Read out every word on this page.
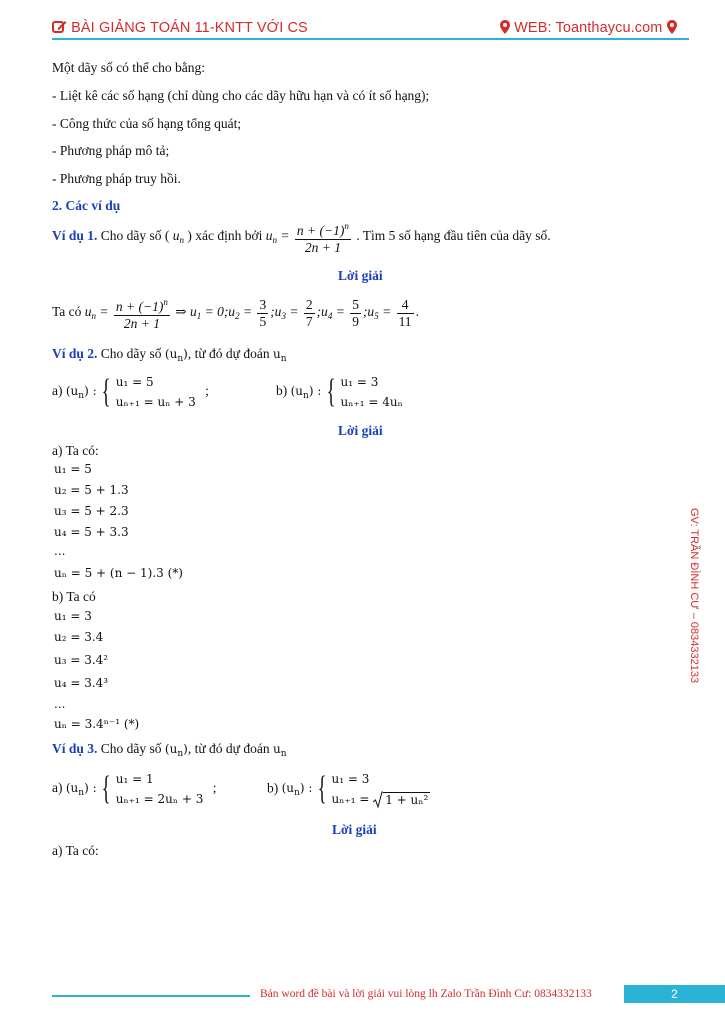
BÀI GIẢNG TOÁN 11-KNTT VỚI CS	WEB: Toanthaycu.com
Một dãy số có thể cho bằng:
- Liệt kê các số hạng (chỉ dùng cho các dãy hữu hạn và có ít số hạng);
- Công thức của số hạng tổng quát;
- Phương pháp mô tả;
- Phương pháp truy hồi.
2. Các ví dụ
Ví dụ 1. Cho dãy số ( $u_n$ ) xác định bởi $u_n = \frac{n + (-1)^n}{2n + 1}$ . Tìm 5 số hạng đầu tiên của dãy số.
Lời giải
Ta có $u_n = \frac{n + (-1)^n}{2n + 1}$ ⇒ $u_1$ = $0;u_2 = \frac{3}{5}$ $;u_3 = \frac{2}{7}$ $;u_4 = \frac{5}{9}$ $;u_5 = \frac{4}{11}$ .
Ví dụ 2. Cho dãy số $(u_n)$, từ đó dự đoán $u_n$
a) $(u_n)$ : { u₁ = 5
uₙ₊₁ = uₙ + 3
;	b) $(u_n)$ : { u₁ = 3
uₙ₊₁ = 4uₙ
Lời giải
a) Ta có:
u₁ = 5
u₂ = 5 + 1.3
u₃ = 5 + 2.3
u₄ = 5 + 3.3
...
uₙ = 5 + (n − 1).3 (*)
b) Ta có
u₁ = 3
u₂ = 3.4
u₃ = 3.4²
u₄ = 3.4³
...
uₙ = 3.4ⁿ⁻¹ (*)
Ví dụ 3. Cho dãy số $(u_n)$, từ đó dự đoán $u_n$
a) $(u_n)$ : { u₁ = 1
uₙ₊₁ = 2uₙ + 3
;	b) $(u_n)$ : { u₁ = 3
uₙ₊₁ = 1 + uₙ²
Lời giải
a) Ta có:
GV: TRẦN ĐÌNH CƯ – 0834332133
Bản word đề bài và lời giải vui lòng lh Zalo Trần Đình Cư: 0834332133	2
